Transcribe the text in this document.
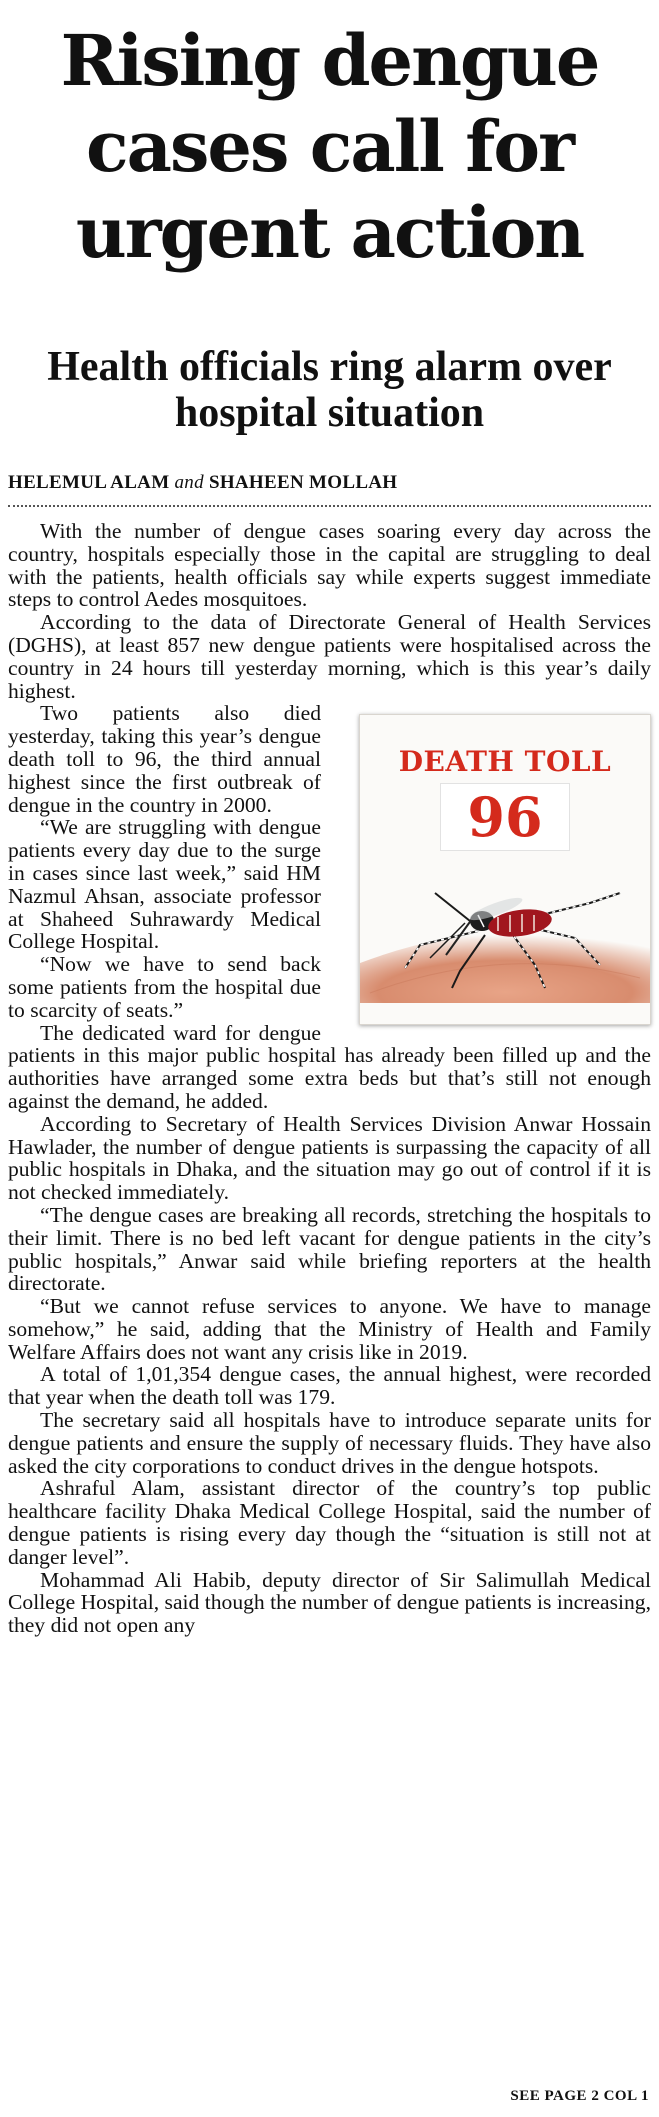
Rising dengue cases call for urgent action
Health officials ring alarm over hospital situation
HELEMUL ALAM and SHAHEEN MOLLAH

With the number of dengue cases soaring every day across the country, hospitals especially those in the capital are struggling to deal with the patients, health officials say while experts suggest immediate steps to control Aedes mosquitoes.

According to the data of Directorate General of Health Services (DGHS), at least 857 new dengue patients were hospitalised across the country in 24 hours till yesterday morning, which is this year’s daily highest.

DEATH TOLL
96

Two patients also died yesterday, taking this year’s dengue death toll to 96, the third annual highest since the first outbreak of dengue in the country in 2000.

“We are struggling with dengue patients every day due to the surge in cases since last week,” said HM Nazmul Ahsan, associate professor at Shaheed Suhrawardy Medical College Hospital.

“Now we have to send back some patients from the hospital due to scarcity of seats.”

The dedicated ward for dengue patients in this major public hospital has already been filled up and the authorities have arranged some extra beds but that’s still not enough against the demand, he added.

According to Secretary of Health Services Division Anwar Hossain Hawlader, the number of dengue patients is surpassing the capacity of all public hospitals in Dhaka, and the situation may go out of control if it is not checked immediately.

“The dengue cases are breaking all records, stretching the hospitals to their limit. There is no bed left vacant for dengue patients in the city’s public hospitals,” Anwar said while briefing reporters at the health directorate.

“But we cannot refuse services to anyone. We have to manage somehow,” he said, adding that the Ministry of Health and Family Welfare Affairs does not want any crisis like in 2019.

A total of 1,01,354 dengue cases, the annual highest, were recorded that year when the death toll was 179.

The secretary said all hospitals have to introduce separate units for dengue patients and ensure the supply of necessary fluids. They have also asked the city corporations to conduct drives in the dengue hotspots.

Ashraful Alam, assistant director of the country’s top public healthcare facility Dhaka Medical College Hospital, said the number of dengue patients is rising every day though the “situation is still not at danger level”.

Mohammad Ali Habib, deputy director of Sir Salimullah Medical College Hospital, said though the number of dengue patients is increasing, they did not open any

SEE PAGE 2 COL 1
